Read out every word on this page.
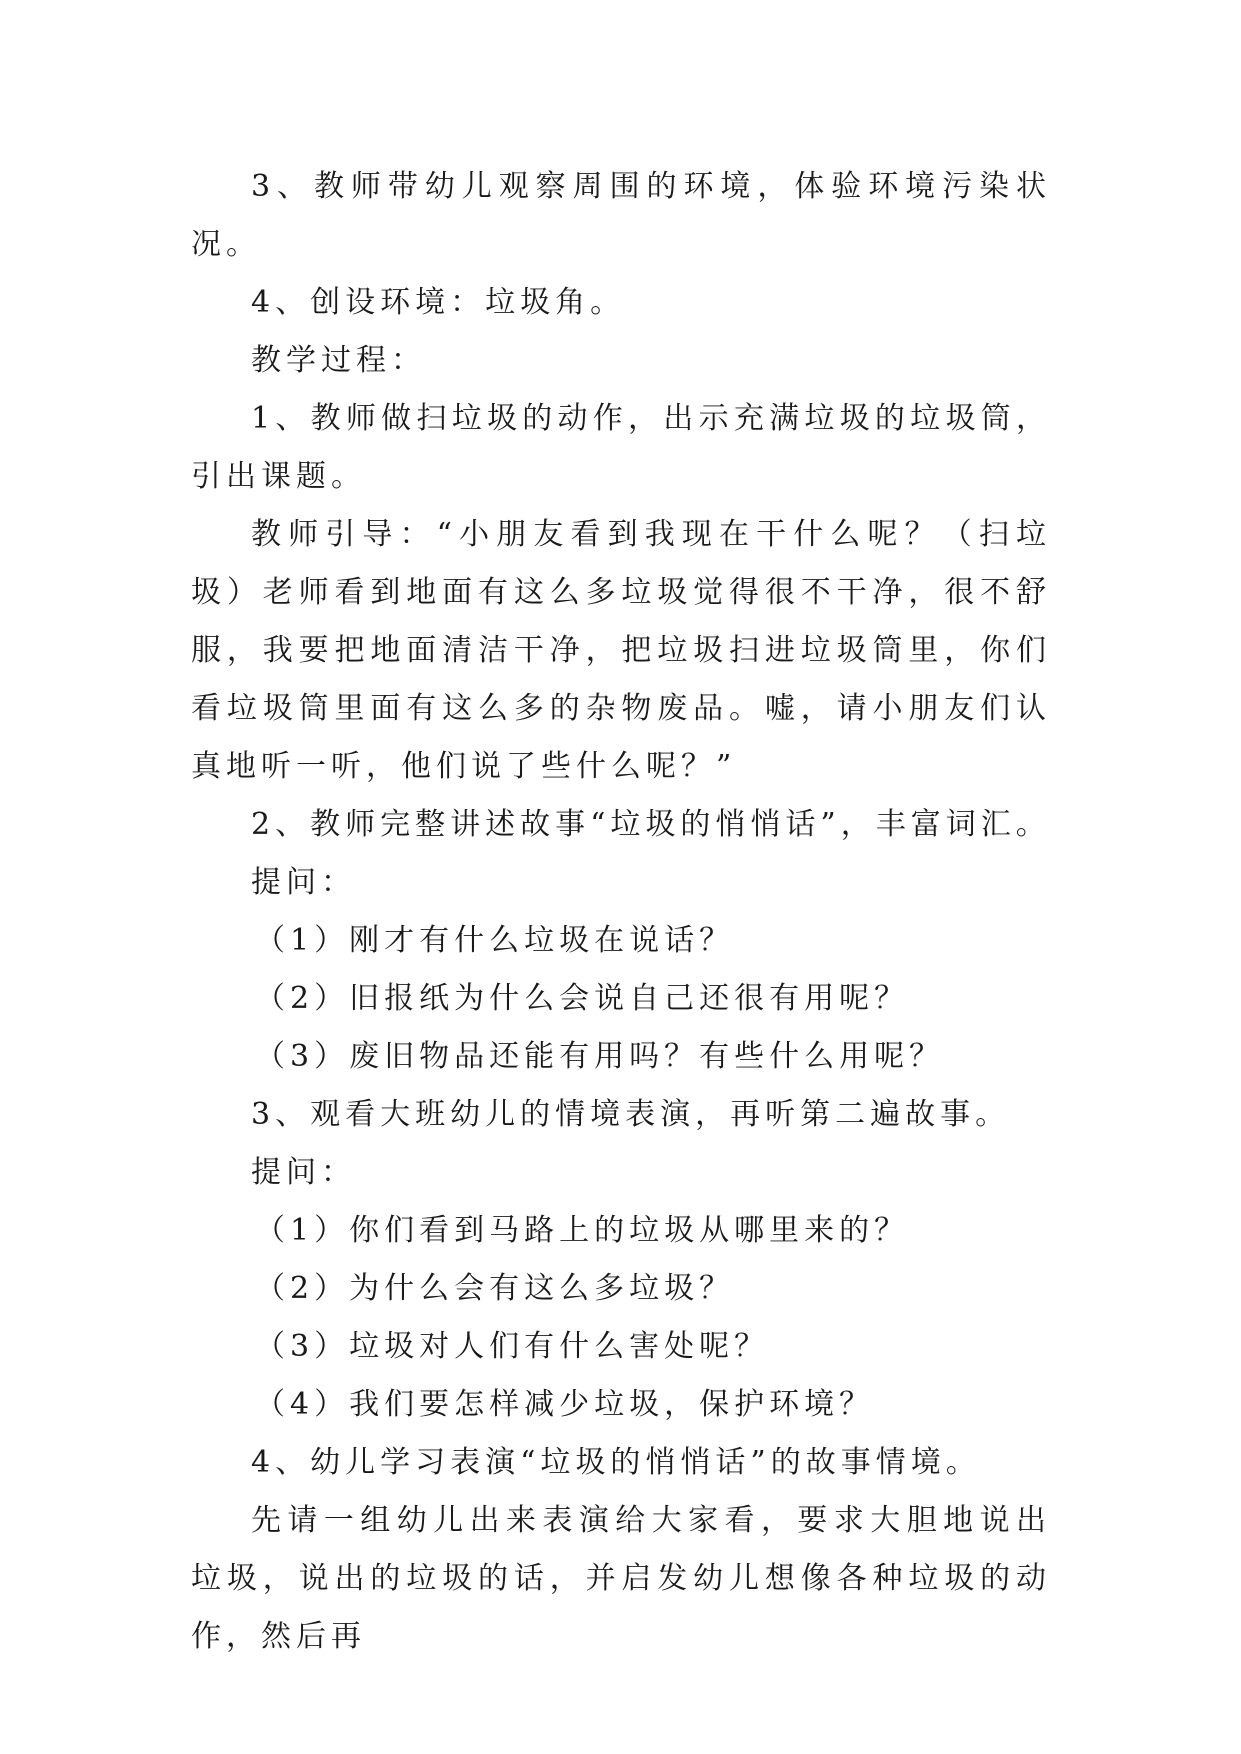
3、教师带幼儿观察周围的环境，体验环境污染状况。

4、创设环境：垃圾角。

教学过程：

1、教师做扫垃圾的动作，出示充满垃圾的垃圾筒，引出课题。

教师引导：“小朋友看到我现在干什么呢？（扫垃圾）老师看到地面有这么多垃圾觉得很不干净，很不舒服，我要把地面清洁干净，把垃圾扫进垃圾筒里，你们看垃圾筒里面有这么多的杂物废品。嘘，请小朋友们认真地听一听，他们说了些什么呢？”

2、教师完整讲述故事“垃圾的悄悄话”，丰富词汇。

提问：

（1）刚才有什么垃圾在说话？

（2）旧报纸为什么会说自己还很有用呢？

（3）废旧物品还能有用吗？有些什么用呢？

3、观看大班幼儿的情境表演，再听第二遍故事。

提问：

（1）你们看到马路上的垃圾从哪里来的？

（2）为什么会有这么多垃圾？

（3）垃圾对人们有什么害处呢？

（4）我们要怎样减少垃圾，保护环境？

4、幼儿学习表演“垃圾的悄悄话”的故事情境。

先请一组幼儿出来表演给大家看，要求大胆地说出垃圾，说出的垃圾的话，并启发幼儿想像各种垃圾的动作，然后再
